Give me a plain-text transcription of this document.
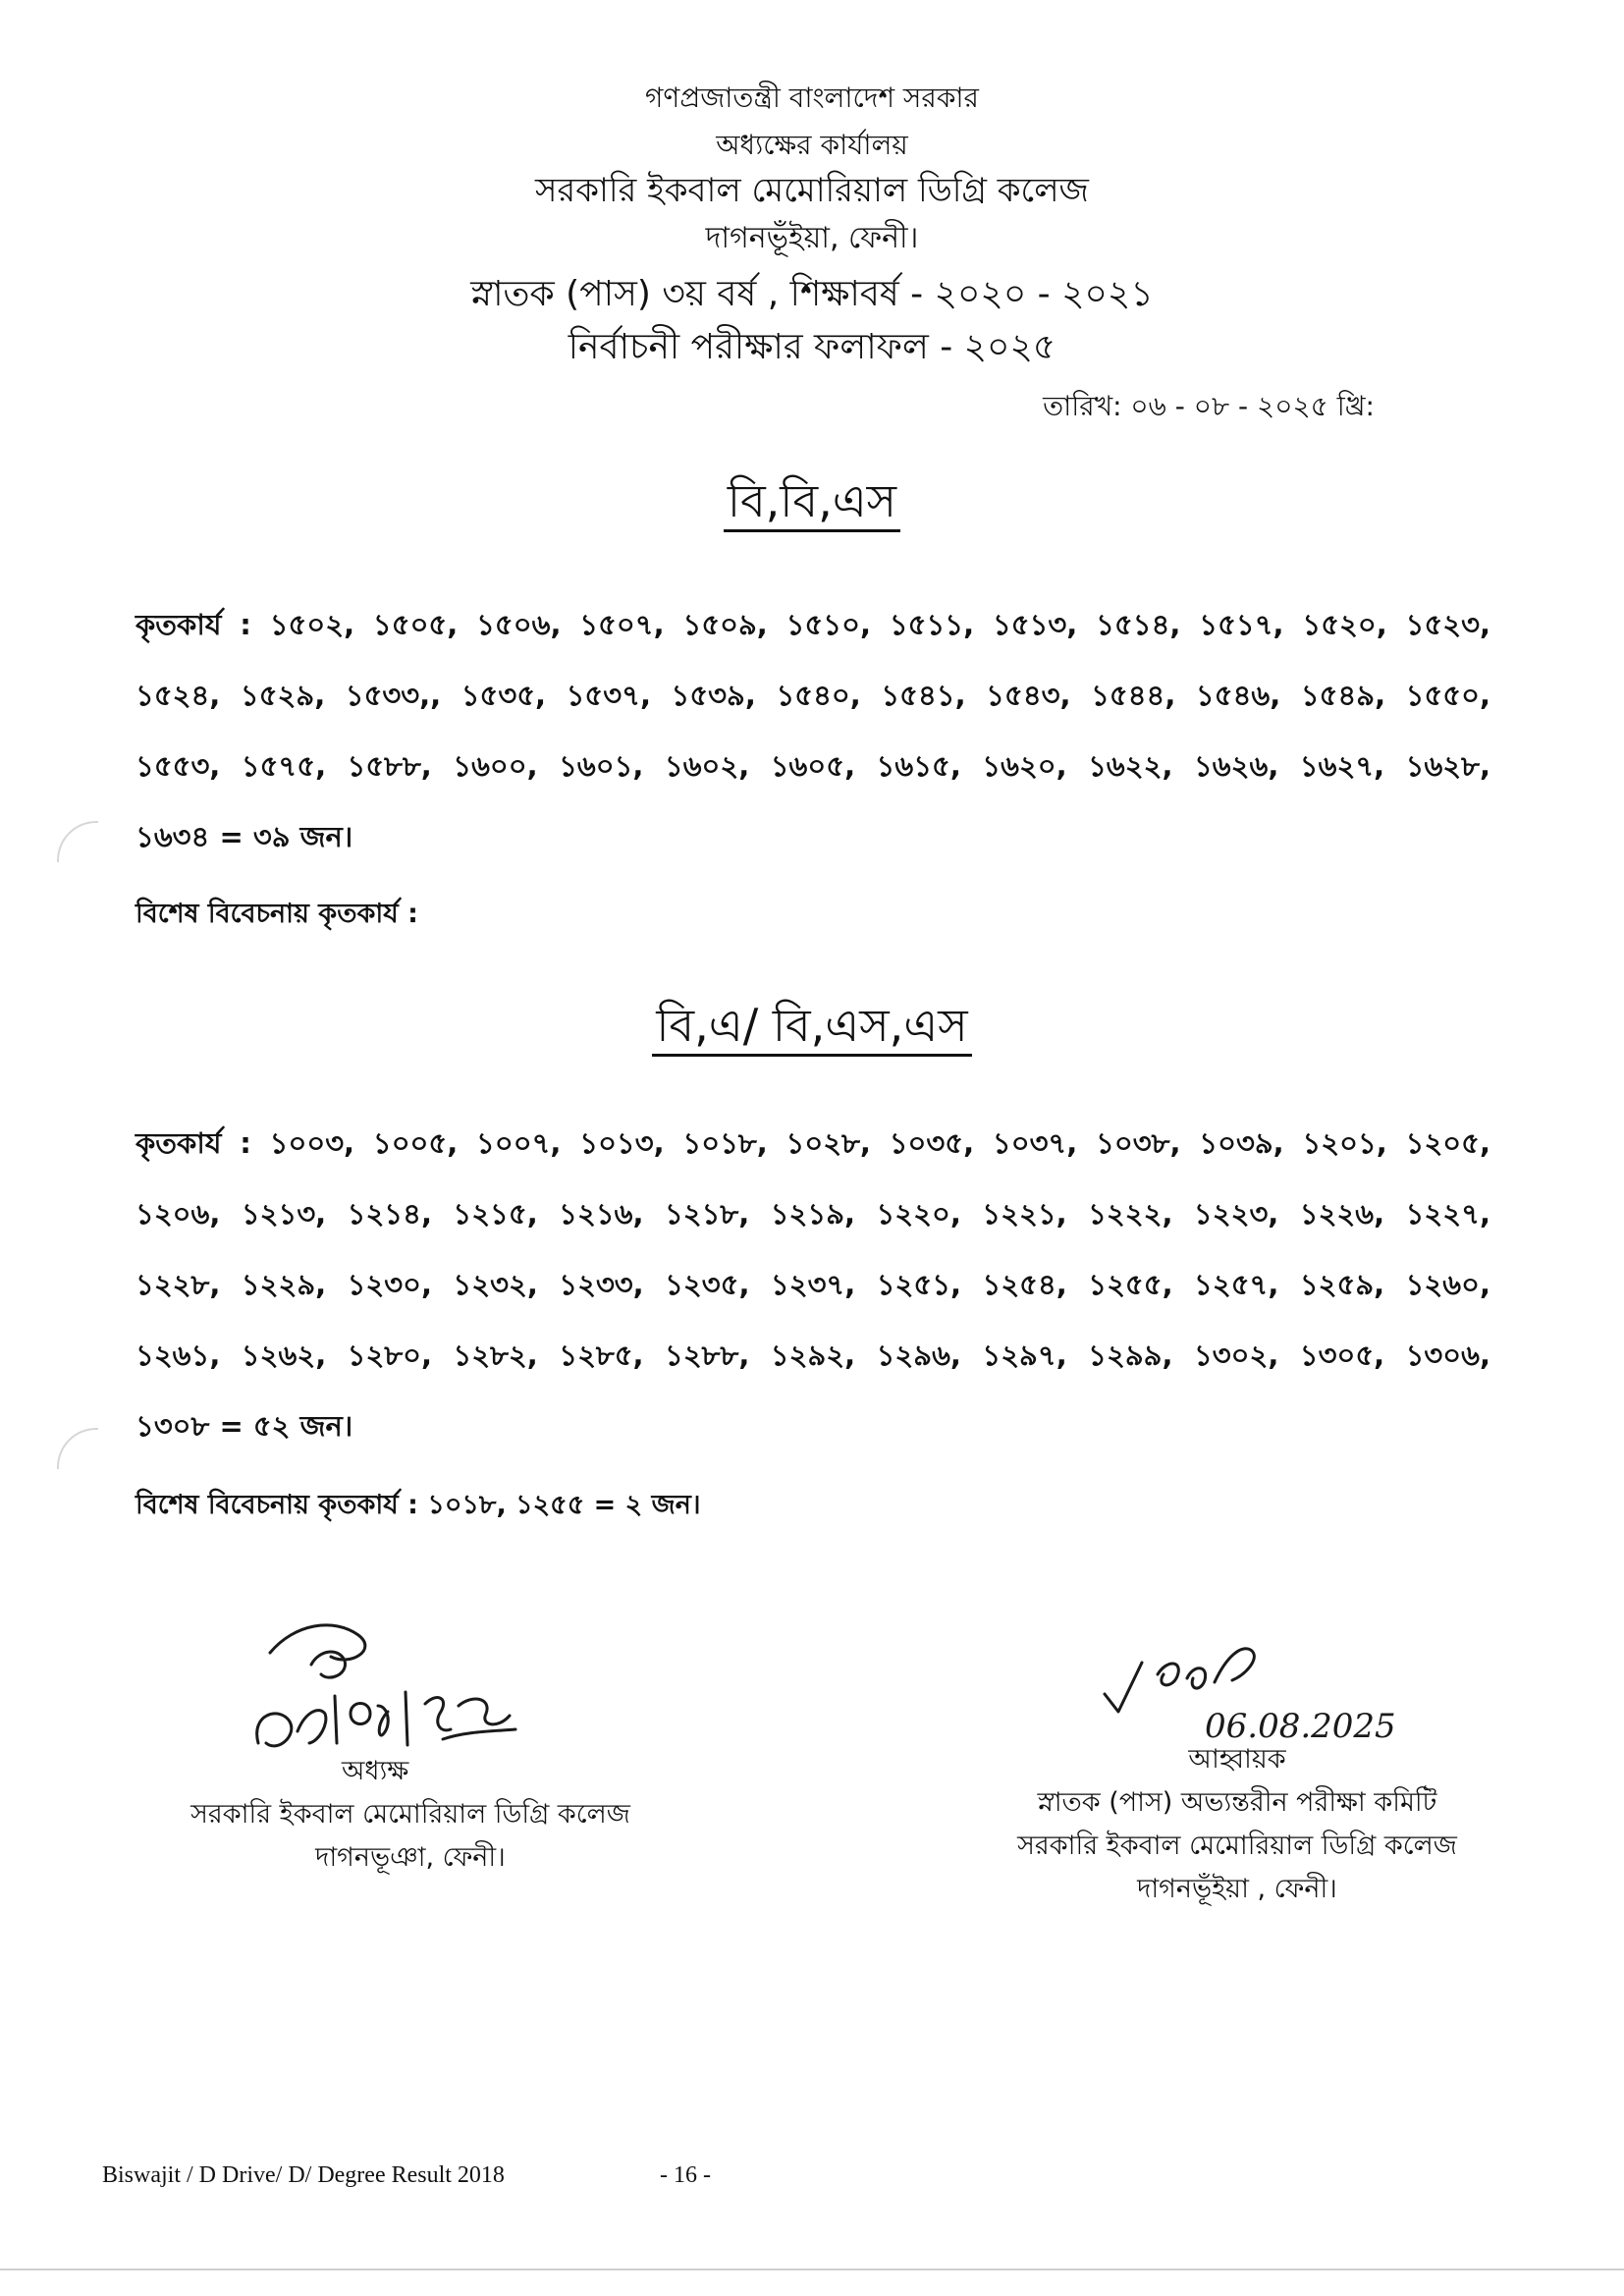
গণপ্রজাতন্ত্রী বাংলাদেশ সরকার
অধ্যক্ষের কার্যালয়
সরকারি ইকবাল মেমোরিয়াল ডিগ্রি কলেজ
দাগনভূঁইয়া, ফেনী।
স্নাতক (পাস) ৩য় বর্ষ , শিক্ষাবর্ষ - ২০২০ - ২০২১
নির্বাচনী পরীক্ষার ফলাফল - ২০২৫
তারিখ: ০৬ - ০৮ - ২০২৫ খ্রি:
বি,বি,এস
কৃতকার্য : ১৫০২, ১৫০৫, ১৫০৬, ১৫০৭, ১৫০৯, ১৫১০, ১৫১১, ১৫১৩, ১৫১৪, ১৫১৭, ১৫২০, ১৫২৩,
১৫২৪, ১৫২৯, ১৫৩৩,, ১৫৩৫, ১৫৩৭, ১৫৩৯, ১৫৪০, ১৫৪১, ১৫৪৩, ১৫৪৪, ১৫৪৬, ১৫৪৯, ১৫৫০,
১৫৫৩, ১৫৭৫, ১৫৮৮, ১৬০০, ১৬০১, ১৬০২, ১৬০৫, ১৬১৫, ১৬২০, ১৬২২, ১৬২৬, ১৬২৭, ১৬২৮,
১৬৩৪ = ৩৯ জন।
বিশেষ বিবেচনায় কৃতকার্য :
বি,এ/ বি,এস,এস
কৃতকার্য : ১০০৩, ১০০৫, ১০০৭, ১০১৩, ১০১৮, ১০২৮, ১০৩৫, ১০৩৭, ১০৩৮, ১০৩৯, ১২০১, ১২০৫,
১২০৬, ১২১৩, ১২১৪, ১২১৫, ১২১৬, ১২১৮, ১২১৯, ১২২০, ১২২১, ১২২২, ১২২৩, ১২২৬, ১২২৭,
১২২৮, ১২২৯, ১২৩০, ১২৩২, ১২৩৩, ১২৩৫, ১২৩৭, ১২৫১, ১২৫৪, ১২৫৫, ১২৫৭, ১২৫৯, ১২৬০,
১২৬১, ১২৬২, ১২৮০, ১২৮২, ১২৮৫, ১২৮৮, ১২৯২, ১২৯৬, ১২৯৭, ১২৯৯, ১৩০২, ১৩০৫, ১৩০৬,
১৩০৮ = ৫২ জন।
বিশেষ বিবেচনায় কৃতকার্য : ১০১৮, ১২৫৫ = ২ জন।
অধ্যক্ষ
সরকারি ইকবাল মেমোরিয়াল ডিগ্রি কলেজ
দাগনভূঞা, ফেনী।
06.08.2025
আহ্বায়ক
স্নাতক (পাস) অভ্যন্তরীন পরীক্ষা কমিটি
সরকারি ইকবাল মেমোরিয়াল ডিগ্রি কলেজ
দাগনভূঁইয়া , ফেনী।
Biswajit / D Drive/ D/ Degree Result 2018	- 16 -
